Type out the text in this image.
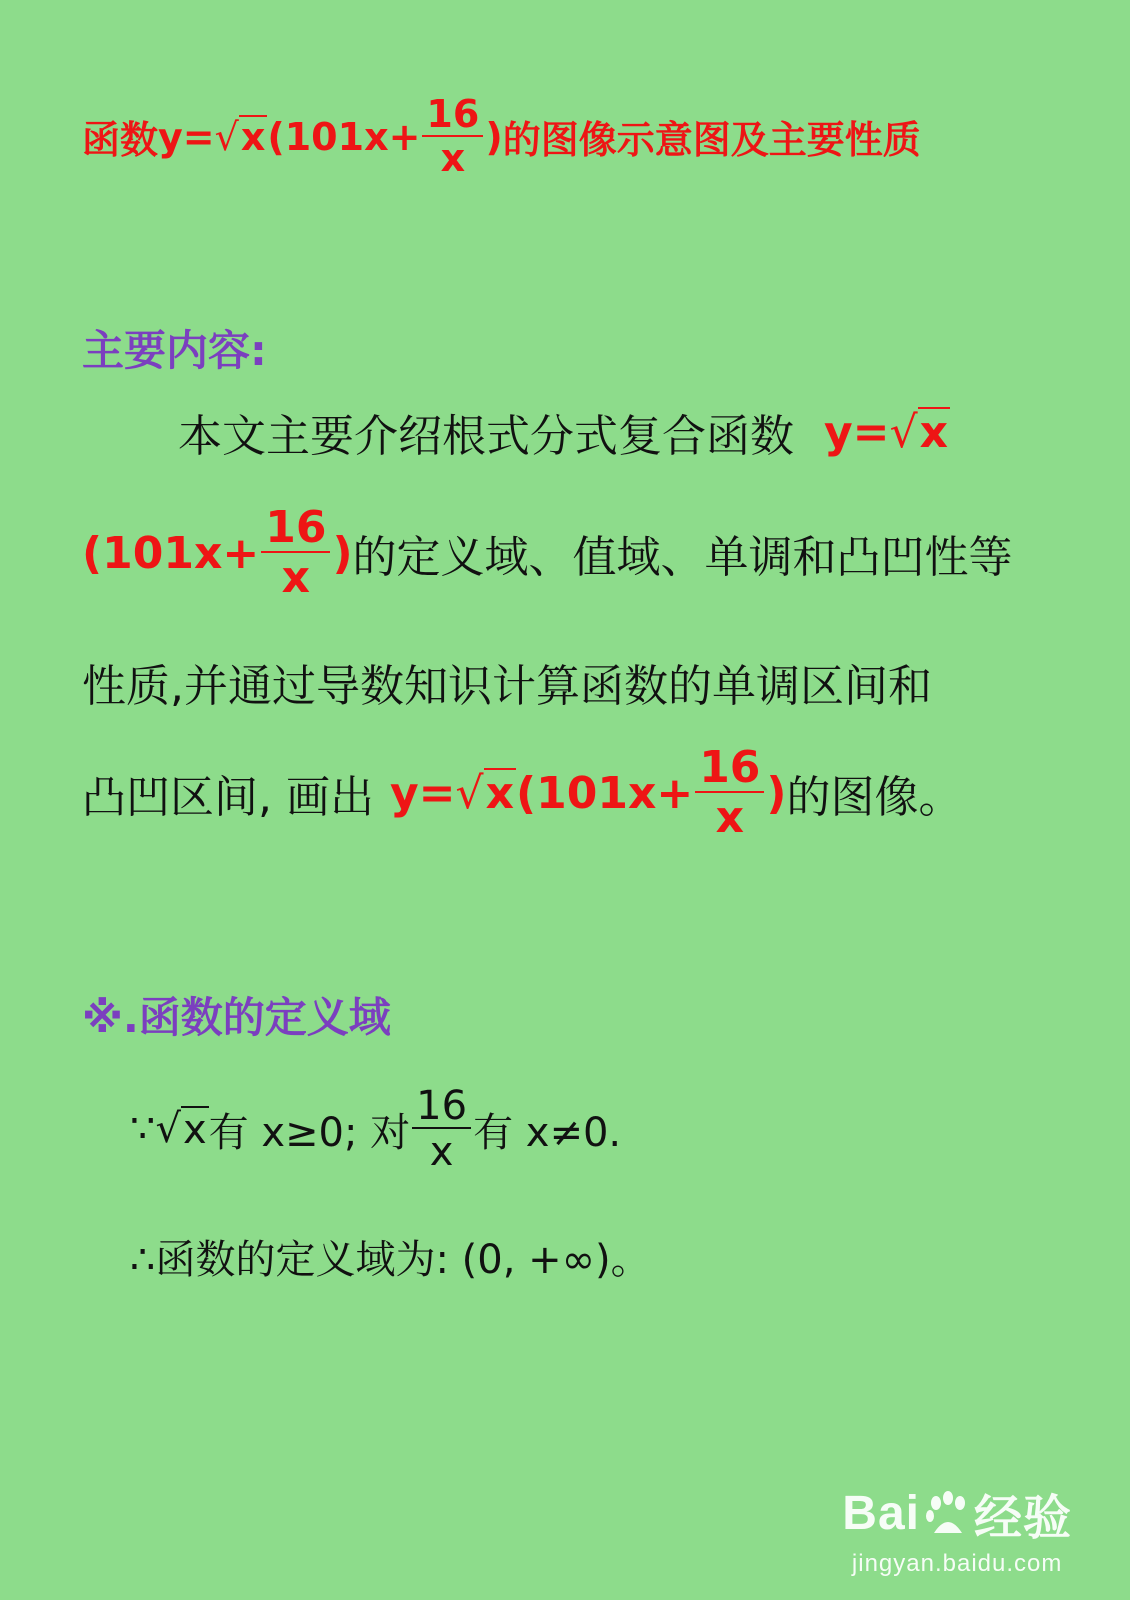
函数 y= √ x ($101x+ \frac{16}{x}$ ) 的图像示意图及主要性质
主要内容:
本文主要介绍根式分式复合函数 y= √ x
($101x+ \frac{16}{x}$ ) 的定义域、值域、单调和凸凹性等
性质,并通过导数知识计算函数的单调区间和
凸凹区间, 画出 y= √ x ($101x+ \frac{16}{x}$ ) 的图像。
※.函数的定义域
∵ √ x 有 x≥0; 对 $\frac{16}{x}$ 有 x≠0.
∴函数的定义域为: (0, +∞)。
Bai 经验
jingyan.baidu.com
